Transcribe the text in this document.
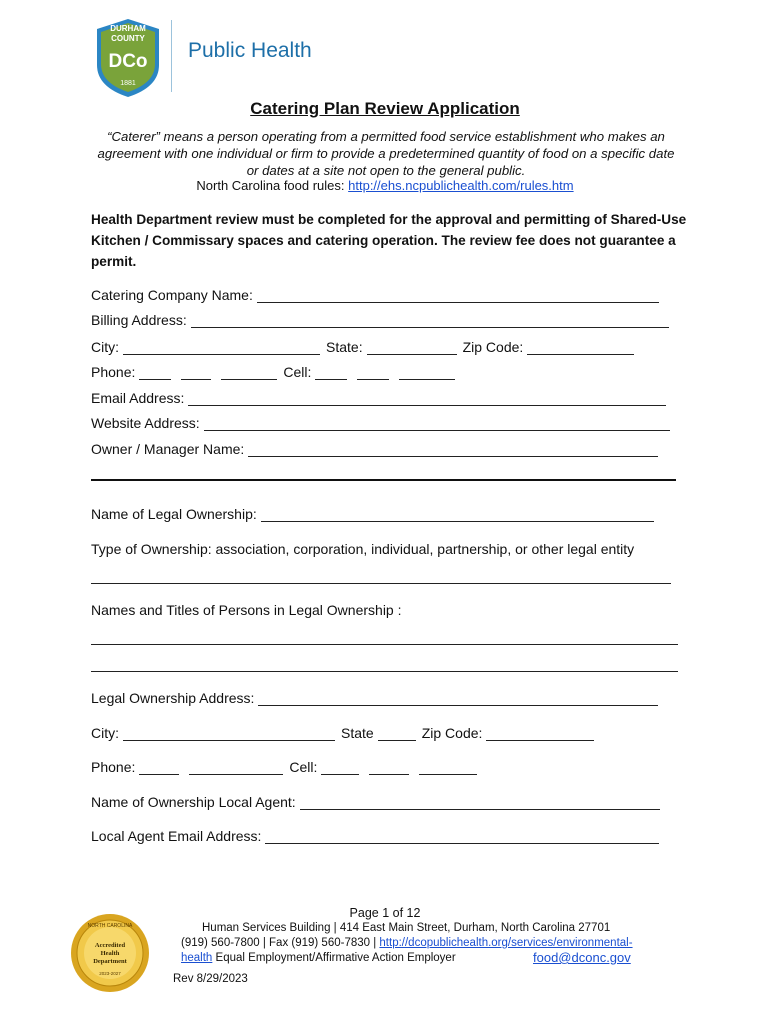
DURHAM
COUNTY
DCo
1881
Public Health
Catering Plan Review Application
“Caterer” means a person operating from a permitted food service establishment who makes an agreement with one individual or firm to provide a predetermined quantity of food on a specific date or dates at a site not open to the general public.
North Carolina food rules: http://ehs.ncpublichealth.com/rules.htm
Health Department review must be completed for the approval and permitting of Shared-Use Kitchen / Commissary spaces and catering operation. The review fee does not guarantee a permit.
Catering Company Name:
Billing Address:
City:	State:	Zip Code:
Phone:	Cell:
Email Address:
Website Address:
Owner / Manager Name:
Name of Legal Ownership:
Type of Ownership: association, corporation, individual, partnership, or other legal entity
Names and Titles of Persons in Legal Ownership :
Legal Ownership Address:
City:	State	Zip Code:
Phone:	Cell:
Name of Ownership Local Agent:
Local Agent Email Address:
NORTH CAROLINA
Accredited
Health
Department
2023-2027
Page 1 of 12
Human Services Building | 414 East Main Street, Durham, North Carolina 27701
(919) 560-7800 | Fax (919) 560-7830 | http://dcopublichealth.org/services/environmental-
health Equal Employment/Affirmative Action Employer	food@dconc.gov
Rev 8/29/2023
